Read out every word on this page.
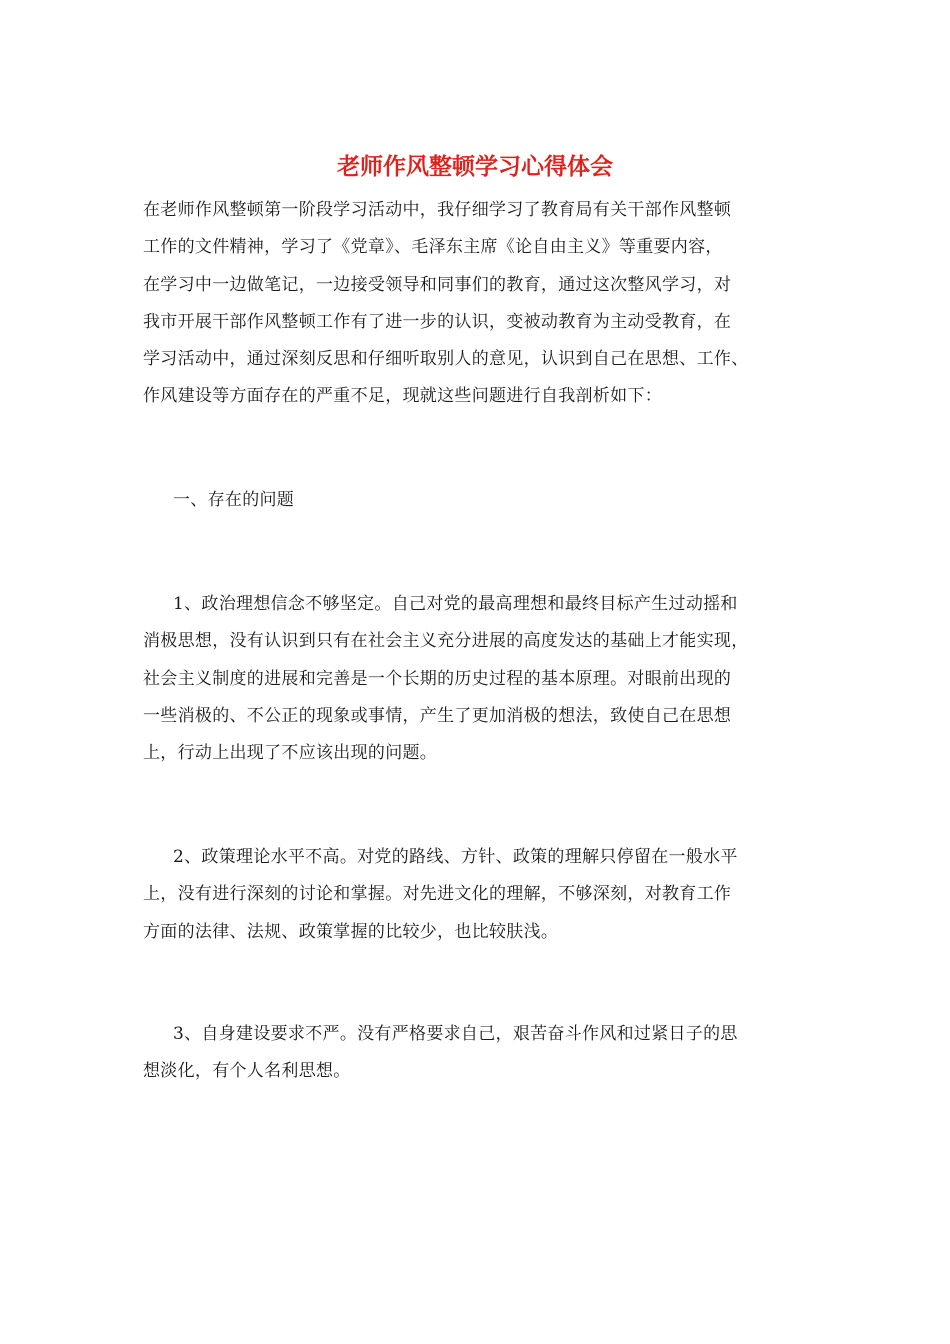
老师作风整顿学习心得体会
在老师作风整顿第一阶段学习活动中，我仔细学习了教育局有关干部作风整顿
工作的文件精神，学习了《党章》、毛泽东主席《论自由主义》等重要内容，
在学习中一边做笔记，一边接受领导和同事们的教育，通过这次整风学习，对
我市开展干部作风整顿工作有了进一步的认识，变被动教育为主动受教育，在
学习活动中，通过深刻反思和仔细听取别人的意见，认识到自己在思想、工作、
作风建设等方面存在的严重不足，现就这些问题进行自我剖析如下：
一、存在的问题
1、政治理想信念不够坚定。自己对党的最高理想和最终目标产生过动摇和
消极思想，没有认识到只有在社会主义充分进展的高度发达的基础上才能实现，
社会主义制度的进展和完善是一个长期的历史过程的基本原理。对眼前出现的
一些消极的、不公正的现象或事情，产生了更加消极的想法，致使自己在思想
上，行动上出现了不应该出现的问题。
2、政策理论水平不高。对党的路线、方针、政策的理解只停留在一般水平
上，没有进行深刻的讨论和掌握。对先进文化的理解，不够深刻，对教育工作
方面的法律、法规、政策掌握的比较少，也比较肤浅。
3、自身建设要求不严。没有严格要求自己，艰苦奋斗作风和过紧日子的思
想淡化，有个人名利思想。
